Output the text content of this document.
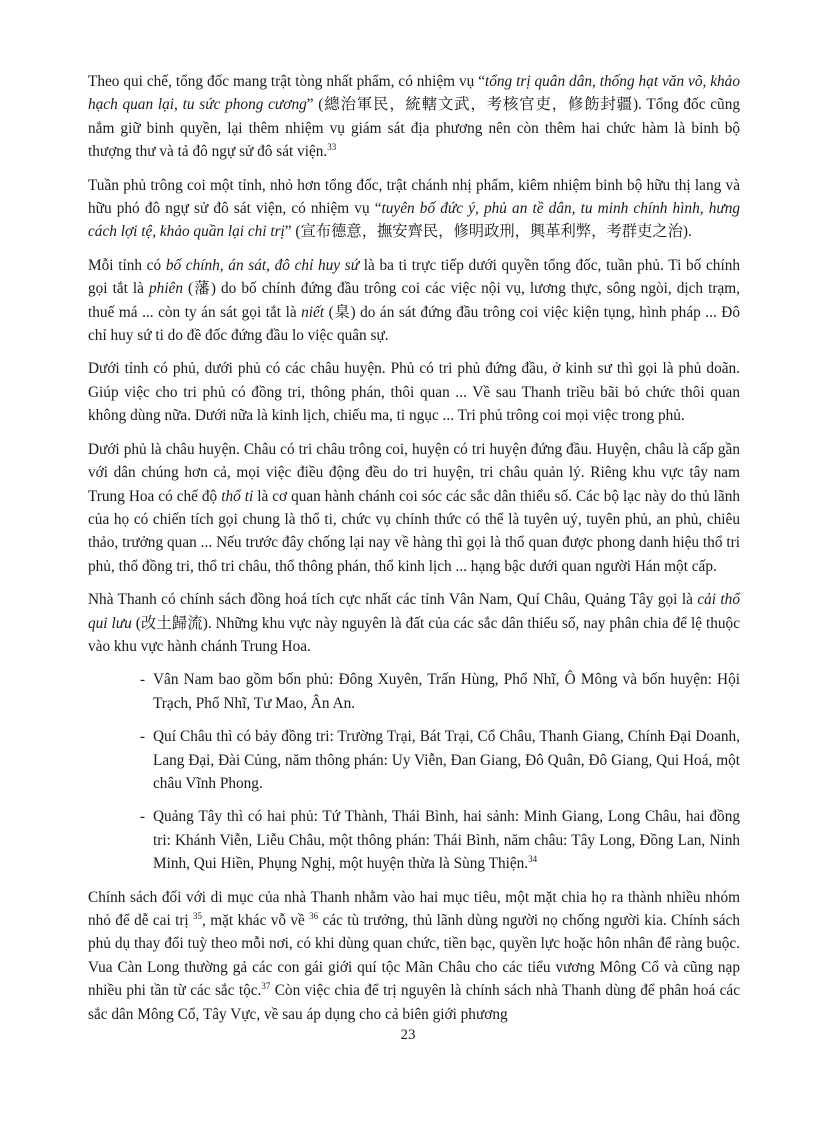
Theo qui chế, tổng đốc mang trật tòng nhất phẩm, có nhiệm vụ “tổng trị quân dân, thống hạt văn võ, khảo hạch quan lại, tu sức phong cương” (總治軍民，統轄文武，考核官吏，修飭封疆). Tổng đốc cũng nắm giữ binh quyền, lại thêm nhiệm vụ giám sát địa phương nên còn thêm hai chức hàm là binh bộ thượng thư và tả đô ngự sử đô sát viện.$^{33}$

Tuần phủ trông coi một tỉnh, nhỏ hơn tổng đốc, trật chánh nhị phẩm, kiêm nhiệm binh bộ hữu thị lang và hữu phó đô ngự sử đô sát viện, có nhiệm vụ “tuyên bố đức ý, phủ an tề dân, tu minh chính hình, hưng cách lợi tệ, khảo quần lại chi trị” (宣布德意，撫安齊民，修明政刑，興革利弊，考群吏之治).

Mỗi tỉnh có bố chính, án sát, đô chỉ huy sứ là ba ti trực tiếp dưới quyền tổng đốc, tuần phủ. Ti bố chính gọi tắt là phiên (藩) do bố chính đứng đầu trông coi các việc nội vụ, lương thực, sông ngòi, dịch trạm, thuế má ... còn ty án sát gọi tắt là niết (臬) do án sát đứng đầu trông coi việc kiện tụng, hình pháp ... Đô chỉ huy sứ ti do đề đốc đứng đầu lo việc quân sự.

Dưới tỉnh có phủ, dưới phủ có các châu huyện. Phủ có tri phủ đứng đầu, ở kinh sư thì gọi là phủ doãn. Giúp việc cho tri phủ có đồng tri, thông phán, thôi quan ... Về sau Thanh triều bãi bỏ chức thôi quan không dùng nữa. Dưới nữa là kinh lịch, chiếu ma, ti ngục ... Tri phủ trông coi mọi việc trong phủ.

Dưới phủ là châu huyện. Châu có tri châu trông coi, huyện có tri huyện đứng đầu. Huyện, châu là cấp gần với dân chúng hơn cả, mọi việc điều động đều do tri huyện, tri châu quản lý. Riêng khu vực tây nam Trung Hoa có chế độ thổ ti là cơ quan hành chánh coi sóc các sắc dân thiểu số. Các bộ lạc này do thủ lãnh của họ có chiến tích gọi chung là thổ ti, chức vụ chính thức có thể là tuyên uý, tuyên phủ, an phủ, chiêu thảo, trưởng quan ... Nếu trước đây chống lại nay về hàng thì gọi là thổ quan được phong danh hiệu thổ tri phủ, thổ đồng tri, thổ tri châu, thổ thông phán, thổ kinh lịch ... hạng bậc dưới quan người Hán một cấp.

Nhà Thanh có chính sách đồng hoá tích cực nhất các tỉnh Vân Nam, Quí Châu, Quảng Tây gọi là cải thổ qui lưu (改土歸流). Những khu vực này nguyên là đất của các sắc dân thiểu số, nay phân chia để lệ thuộc vào khu vực hành chánh Trung Hoa.

- Vân Nam bao gồm bốn phủ: Đông Xuyên, Trấn Hùng, Phổ Nhĩ, Ô Mông và bốn huyện: Hội Trạch, Phổ Nhĩ, Tư Mao, Ân An.
- Quí Châu thì có bảy đồng tri: Trường Trại, Bát Trại, Cổ Châu, Thanh Giang, Chính Đại Doanh, Lang Đại, Đài Củng, năm thông phán: Uy Viễn, Đan Giang, Đô Quân, Đô Giang, Qui Hoá, một châu Vĩnh Phong.
- Quảng Tây thì có hai phủ: Tứ Thành, Thái Bình, hai sảnh: Minh Giang, Long Châu, hai đồng tri: Khánh Viễn, Liễu Châu, một thông phán: Thái Bình, năm châu: Tây Long, Đồng Lan, Ninh Minh, Qui Hiền, Phụng Nghị, một huyện thừa là Sùng Thiện.$^{34}$

Chính sách đối với di mục của nhà Thanh nhằm vào hai mục tiêu, một mặt chia họ ra thành nhiều nhóm nhỏ để dễ cai trị $^{35}$, mặt khác vỗ về $^{36}$ các tù trưởng, thủ lãnh dùng người nọ chống người kia. Chính sách phủ dụ thay đổi tuỳ theo mỗi nơi, có khi dùng quan chức, tiền bạc, quyền lực hoặc hôn nhân để ràng buộc. Vua Càn Long thường gả các con gái giới quí tộc Mãn Châu cho các tiểu vương Mông Cổ và cũng nạp nhiều phi tần từ các sắc tộc.$^{37}$ Còn việc chia để trị nguyên là chính sách nhà Thanh dùng để phân hoá các sắc dân Mông Cổ, Tây Vực, về sau áp dụng cho cả biên giới phương

23
